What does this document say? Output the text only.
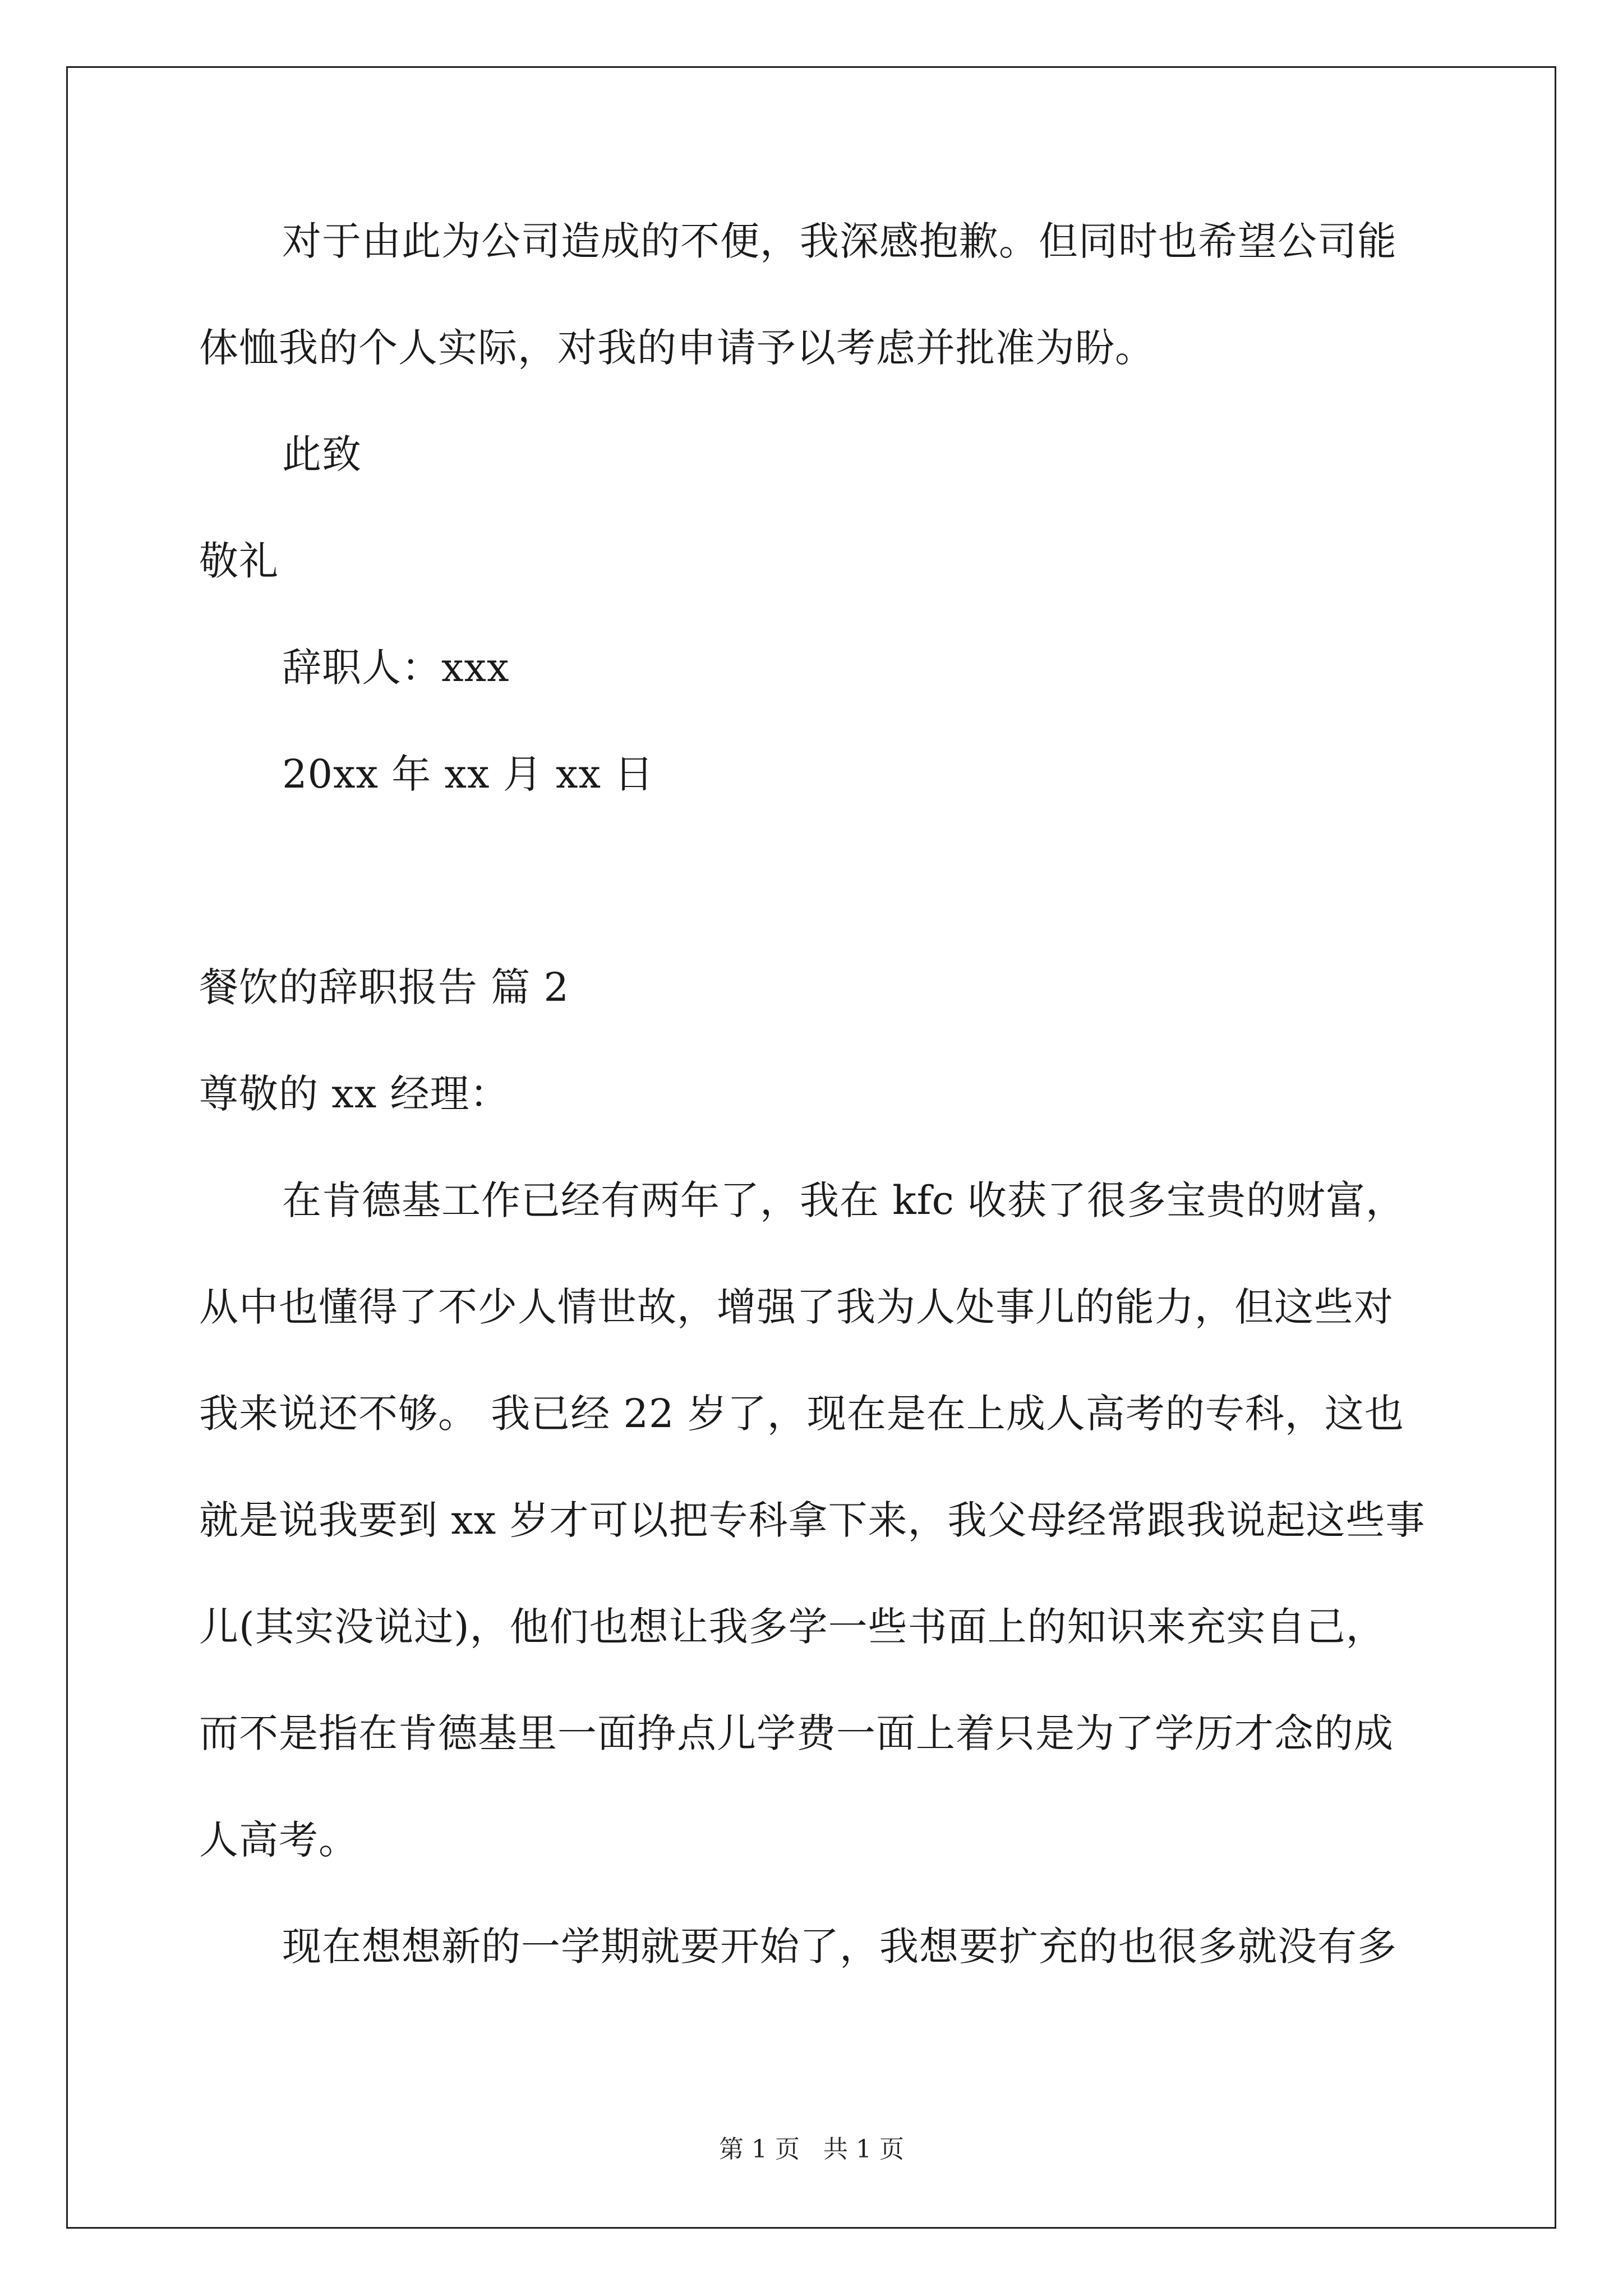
对于由此为公司造成的不便，我深感抱歉。但同时也希望公司能
体恤我的个人实际，对我的申请予以考虑并批准为盼。
此致
敬礼
辞职人：xxx
20xx 年 xx 月 xx 日
餐饮的辞职报告 篇 2
尊敬的 xx 经理：
在肯德基工作已经有两年了，我在 kfc 收获了很多宝贵的财富，
从中也懂得了不少人情世故，增强了我为人处事儿的能力，但这些对
我来说还不够。 我已经 22 岁了，现在是在上成人高考的专科，这也
就是说我要到 xx 岁才可以把专科拿下来，我父母经常跟我说起这些事
儿(其实没说过)，他们也想让我多学一些书面上的知识来充实自己，
而不是指在肯德基里一面挣点儿学费一面上着只是为了学历才念的成
人高考。
现在想想新的一学期就要开始了，我想要扩充的也很多就没有多
第 1 页 共 1 页
